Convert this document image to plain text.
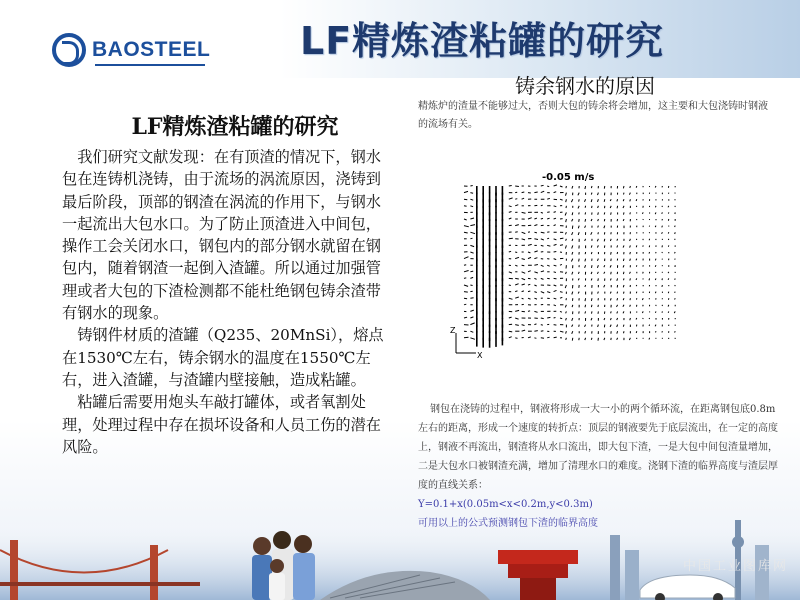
BAOSTEEL LF精炼渣粘罐的研究
LF精炼渣粘罐的研究

我们研究文献发现：在有顶渣的情况下，钢水包在连铸机浇铸，由于流场的涡流原因，浇铸到最后阶段，顶部的钢渣在涡流的作用下，与钢水一起流出大包水口。为了防止顶渣进入中间包，操作工会关闭水口，钢包内的部分钢水就留在钢包内，随着钢渣一起倒入渣罐。所以通过加强管理或者大包的下渣检测都不能杜绝钢包铸余渣带有钢水的现象。

铸钢件材质的渣罐（Q235、20MnSi），熔点在1530℃左右，铸余钢水的温度在1550℃左右，进入渣罐，与渣罐内壁接触，造成粘罐。

粘罐后需要用炮头车敲打罐体，或者氧割处理，处理过程中存在损坏设备和人员工伤的潜在风险。

铸余钢水的原因
精炼炉的渣量不能够过大，否则大包的铸余将会增加，这主要和大包浇铸时钢液的流场有关。
-0.05 m/s
Z
X
钢包在浇铸的过程中，钢液将形成一大一小的两个循环流，在距离钢包底0.8m左右的距离，形成一个速度的转折点：顶层的钢液要先于底层流出，在一定的高度上，钢液不再流出，钢渣将从水口流出，即大包下渣，一是大包中间包渣量增加，二是大包水口被钢渣充满，增加了清理水口的难度。浇钢下渣的临界高度与渣层厚度的直线关系：
Y=0.1+x(0.05m<x<0.2m,y<0.3m)
中国工业图库网
